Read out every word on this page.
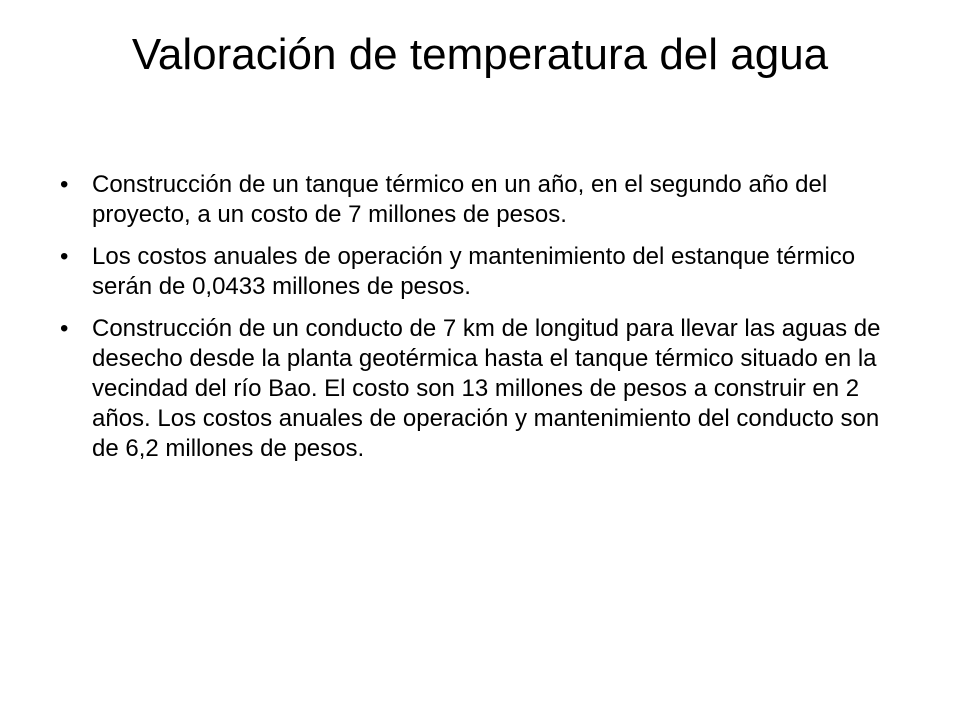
Valoración de temperatura del agua
• Construcción de un tanque térmico en un año, en el segundo año del proyecto, a un costo de 7 millones de pesos.
• Los costos anuales de operación y mantenimiento del estanque térmico serán de 0,0433 millones de pesos.
• Construcción de un conducto de 7 km de longitud para llevar las aguas de desecho desde la planta geotérmica hasta el tanque térmico situado en la vecindad del río Bao. El costo son 13 millones de pesos a construir en 2 años. Los costos anuales de operación y mantenimiento del conducto son de 6,2 millones de pesos.
